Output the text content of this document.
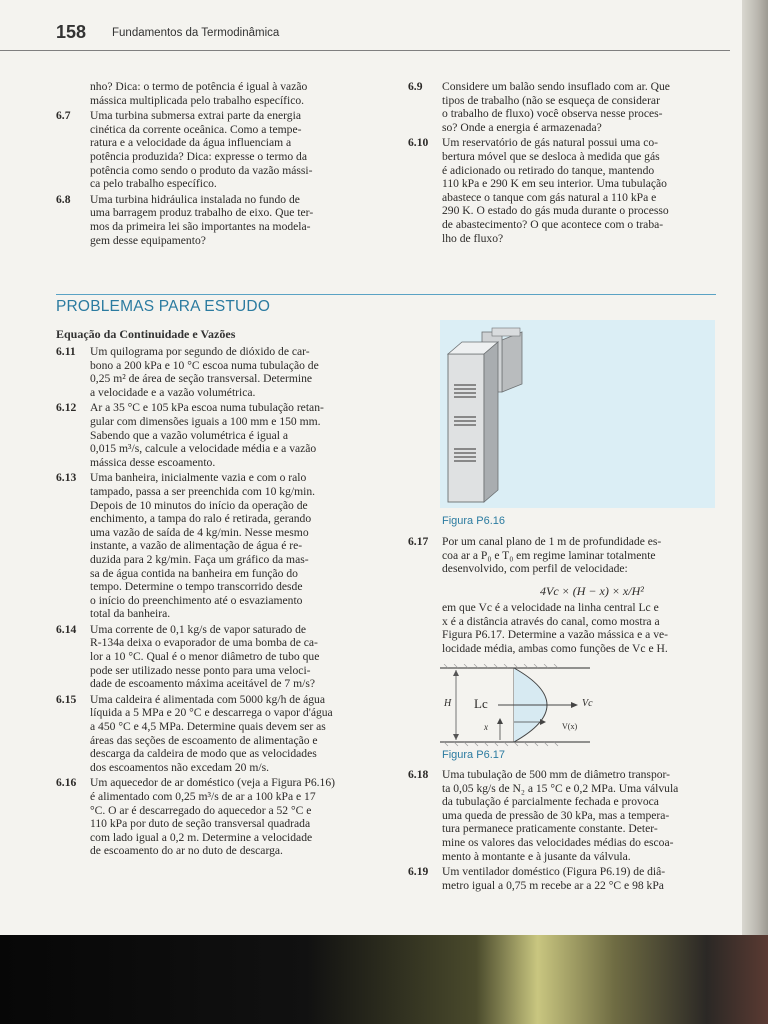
158 Fundamentos da Termodinâmica
nho? Dica: o termo de potência é igual à vazão
mássica multiplicada pelo trabalho específico.
6.7	Uma turbina submersa extrai parte da energia
cinética da corrente oceânica. Como a tempe-
ratura e a velocidade da água influenciam a
potência produzida? Dica: expresse o termo da
potência como sendo o produto da vazão mássi-
ca pelo trabalho específico.
6.8	Uma turbina hidráulica instalada no fundo de
uma barragem produz trabalho de eixo. Que ter-
mos da primeira lei são importantes na modela-
gem desse equipamento?
6.9	Considere um balão sendo insuflado com ar. Que
tipos de trabalho (não se esqueça de considerar
o trabalho de fluxo) você observa nesse proces-
so? Onde a energia é armazenada?
6.10	Um reservatório de gás natural possui uma co-
bertura móvel que se desloca à medida que gás
é adicionado ou retirado do tanque, mantendo
110 kPa e 290 K em seu interior. Uma tubulação
abastece o tanque com gás natural a 110 kPa e
290 K. O estado do gás muda durante o processo
de abastecimento? O que acontece com o traba-
lho de fluxo?
PROBLEMAS PARA ESTUDO
Equação da Continuidade e Vazões
6.11	Um quilograma por segundo de dióxido de car-
bono a 200 kPa e 10 °C escoa numa tubulação de
0,25 m² de área de seção transversal. Determine
a velocidade e a vazão volumétrica.
6.12	Ar a 35 °C e 105 kPa escoa numa tubulação retan-
gular com dimensões iguais a 100 mm e 150 mm.
Sabendo que a vazão volumétrica é igual a
0,015 m³/s, calcule a velocidade média e a vazão
mássica desse escoamento.
6.13	Uma banheira, inicialmente vazia e com o ralo
tampado, passa a ser preenchida com 10 kg/min.
Depois de 10 minutos do início da operação de
enchimento, a tampa do ralo é retirada, gerando
uma vazão de saída de 4 kg/min. Nesse mesmo
instante, a vazão de alimentação de água é re-
duzida para 2 kg/min. Faça um gráfico da mas-
sa de água contida na banheira em função do
tempo. Determine o tempo transcorrido desde
o início do preenchimento até o esvaziamento
total da banheira.
6.14	Uma corrente de 0,1 kg/s de vapor saturado de
R-134a deixa o evaporador de uma bomba de ca-
lor a 10 °C. Qual é o menor diâmetro de tubo que
pode ser utilizado nesse ponto para uma veloci-
dade de escoamento máxima aceitável de 7 m/s?
6.15	Uma caldeira é alimentada com 5000 kg/h de água
líquida a 5 MPa e 20 °C e descarrega o vapor d'água
a 450 °C e 4,5 MPa. Determine quais devem ser as
áreas das seções de escoamento de alimentação e
descarga da caldeira de modo que as velocidades
dos escoamentos não excedam 20 m/s.
6.16	Um aquecedor de ar doméstico (veja a Figura P6.16)
é alimentado com 0,25 m³/s de ar a 100 kPa e 17
°C. O ar é descarregado do aquecedor a 52 °C e
110 kPa por duto de seção transversal quadrada
com lado igual a 0,2 m. Determine a velocidade
de escoamento do ar no duto de descarga.
Figura P6.16
6.17	Por um canal plano de 1 m de profundidade es-
coa ar a P₀ e T₀ em regime laminar totalmente
desenvolvido, com perfil de velocidade:
4Vc × (H − x) × x/H²
em que Vc é a velocidade na linha central Lc e
x é a distância através do canal, como mostra a
Figura P6.17. Determine a vazão mássica e a ve-
locidade média, ambas como funções de Vc e H.
H Lc
x
Vc
V(x)
Figura P6.17
6.18	Uma tubulação de 500 mm de diâmetro transpor-
ta 0,05 kg/s de N₂ a 15 °C e 0,2 MPa. Uma válvula
da tubulação é parcialmente fechada e provoca
uma queda de pressão de 30 kPa, mas a tempera-
tura permanece praticamente constante. Deter-
mine os valores das velocidades médias do escoa-
mento à montante e à jusante da válvula.
6.19	Um ventilador doméstico (Figura P6.19) de diâ-
metro igual a 0,75 m recebe ar a 22 °C e 98 kPa
